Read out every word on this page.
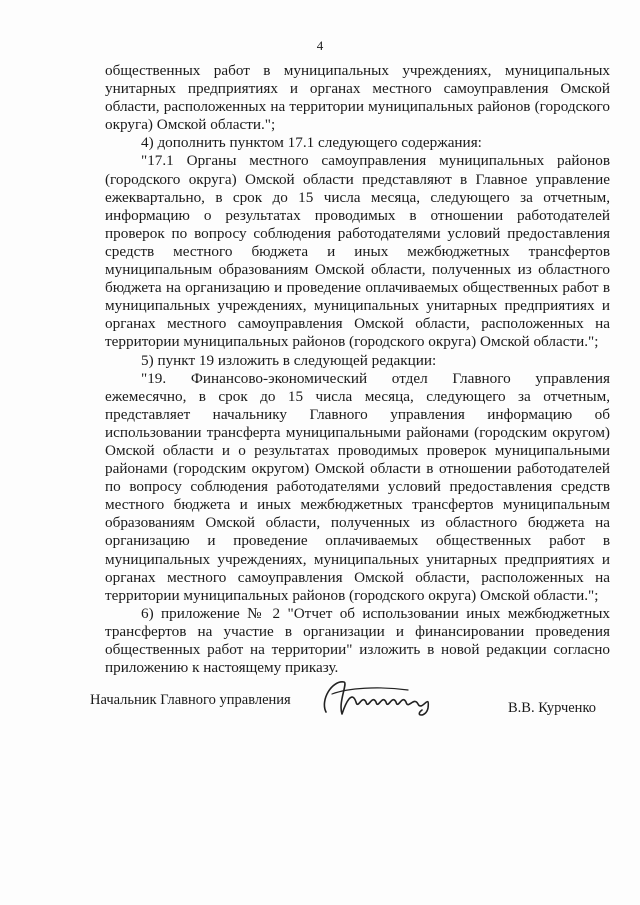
4

общественных работ в муниципальных учреждениях, муниципальных унитарных предприятиях и органах местного самоуправления Омской области, расположенных на территории муниципальных районов (городского округа) Омской области.";

4) дополнить пунктом 17.1 следующего содержания:

"17.1 Органы местного самоуправления муниципальных районов (городского округа) Омской области представляют в Главное управление ежеквартально, в срок до 15 числа месяца, следующего за отчетным, информацию о результатах проводимых в отношении работодателей проверок по вопросу соблюдения работодателями условий предоставления средств местного бюджета и иных межбюджетных трансфертов муниципальным образованиям Омской области, полученных из областного бюджета на организацию и проведение оплачиваемых общественных работ в муниципальных учреждениях, муниципальных унитарных предприятиях и органах местного самоуправления Омской области, расположенных на территории муниципальных районов (городского округа) Омской области.";

5) пункт 19 изложить в следующей редакции:

"19. Финансово-экономический отдел Главного управления ежемесячно, в срок до 15 числа месяца, следующего за отчетным, представляет начальнику Главного управления информацию об использовании трансферта муниципальными районами (городским округом) Омской области и о результатах проводимых проверок муниципальными районами (городским округом) Омской области в отношении работодателей по вопросу соблюдения работодателями условий предоставления средств местного бюджета и иных межбюджетных трансфертов муниципальным образованиям Омской области, полученных из областного бюджета на организацию и проведение оплачиваемых общественных работ в муниципальных учреждениях, муниципальных унитарных предприятиях и органах местного самоуправления Омской области, расположенных на территории муниципальных районов (городского округа) Омской области.";

6) приложение № 2 "Отчет об использовании иных межбюджетных трансфертов на участие в организации и финансировании проведения общественных работ на территории" изложить в новой редакции согласно приложению к настоящему приказу.

Начальник Главного управления	В.В. Курченко
